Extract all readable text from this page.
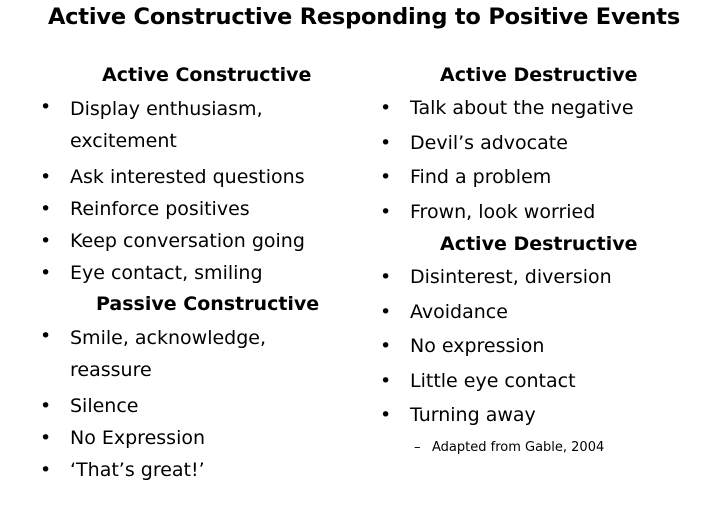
Active Constructive Responding to Positive Events
Active Constructive
• Display enthusiasm,
excitement
• Ask interested questions
• Reinforce positives
• Keep conversation going
• Eye contact, smiling
Passive Constructive
• Smile, acknowledge,
reassure
• Silence
• No Expression
• ‘That’s great!’
Active Destructive
• Talk about the negative
• Devil’s advocate
• Find a problem
• Frown, look worried
Active Destructive
• Disinterest, diversion
• Avoidance
• No expression
• Little eye contact
• Turning away
– Adapted from Gable, 2004
